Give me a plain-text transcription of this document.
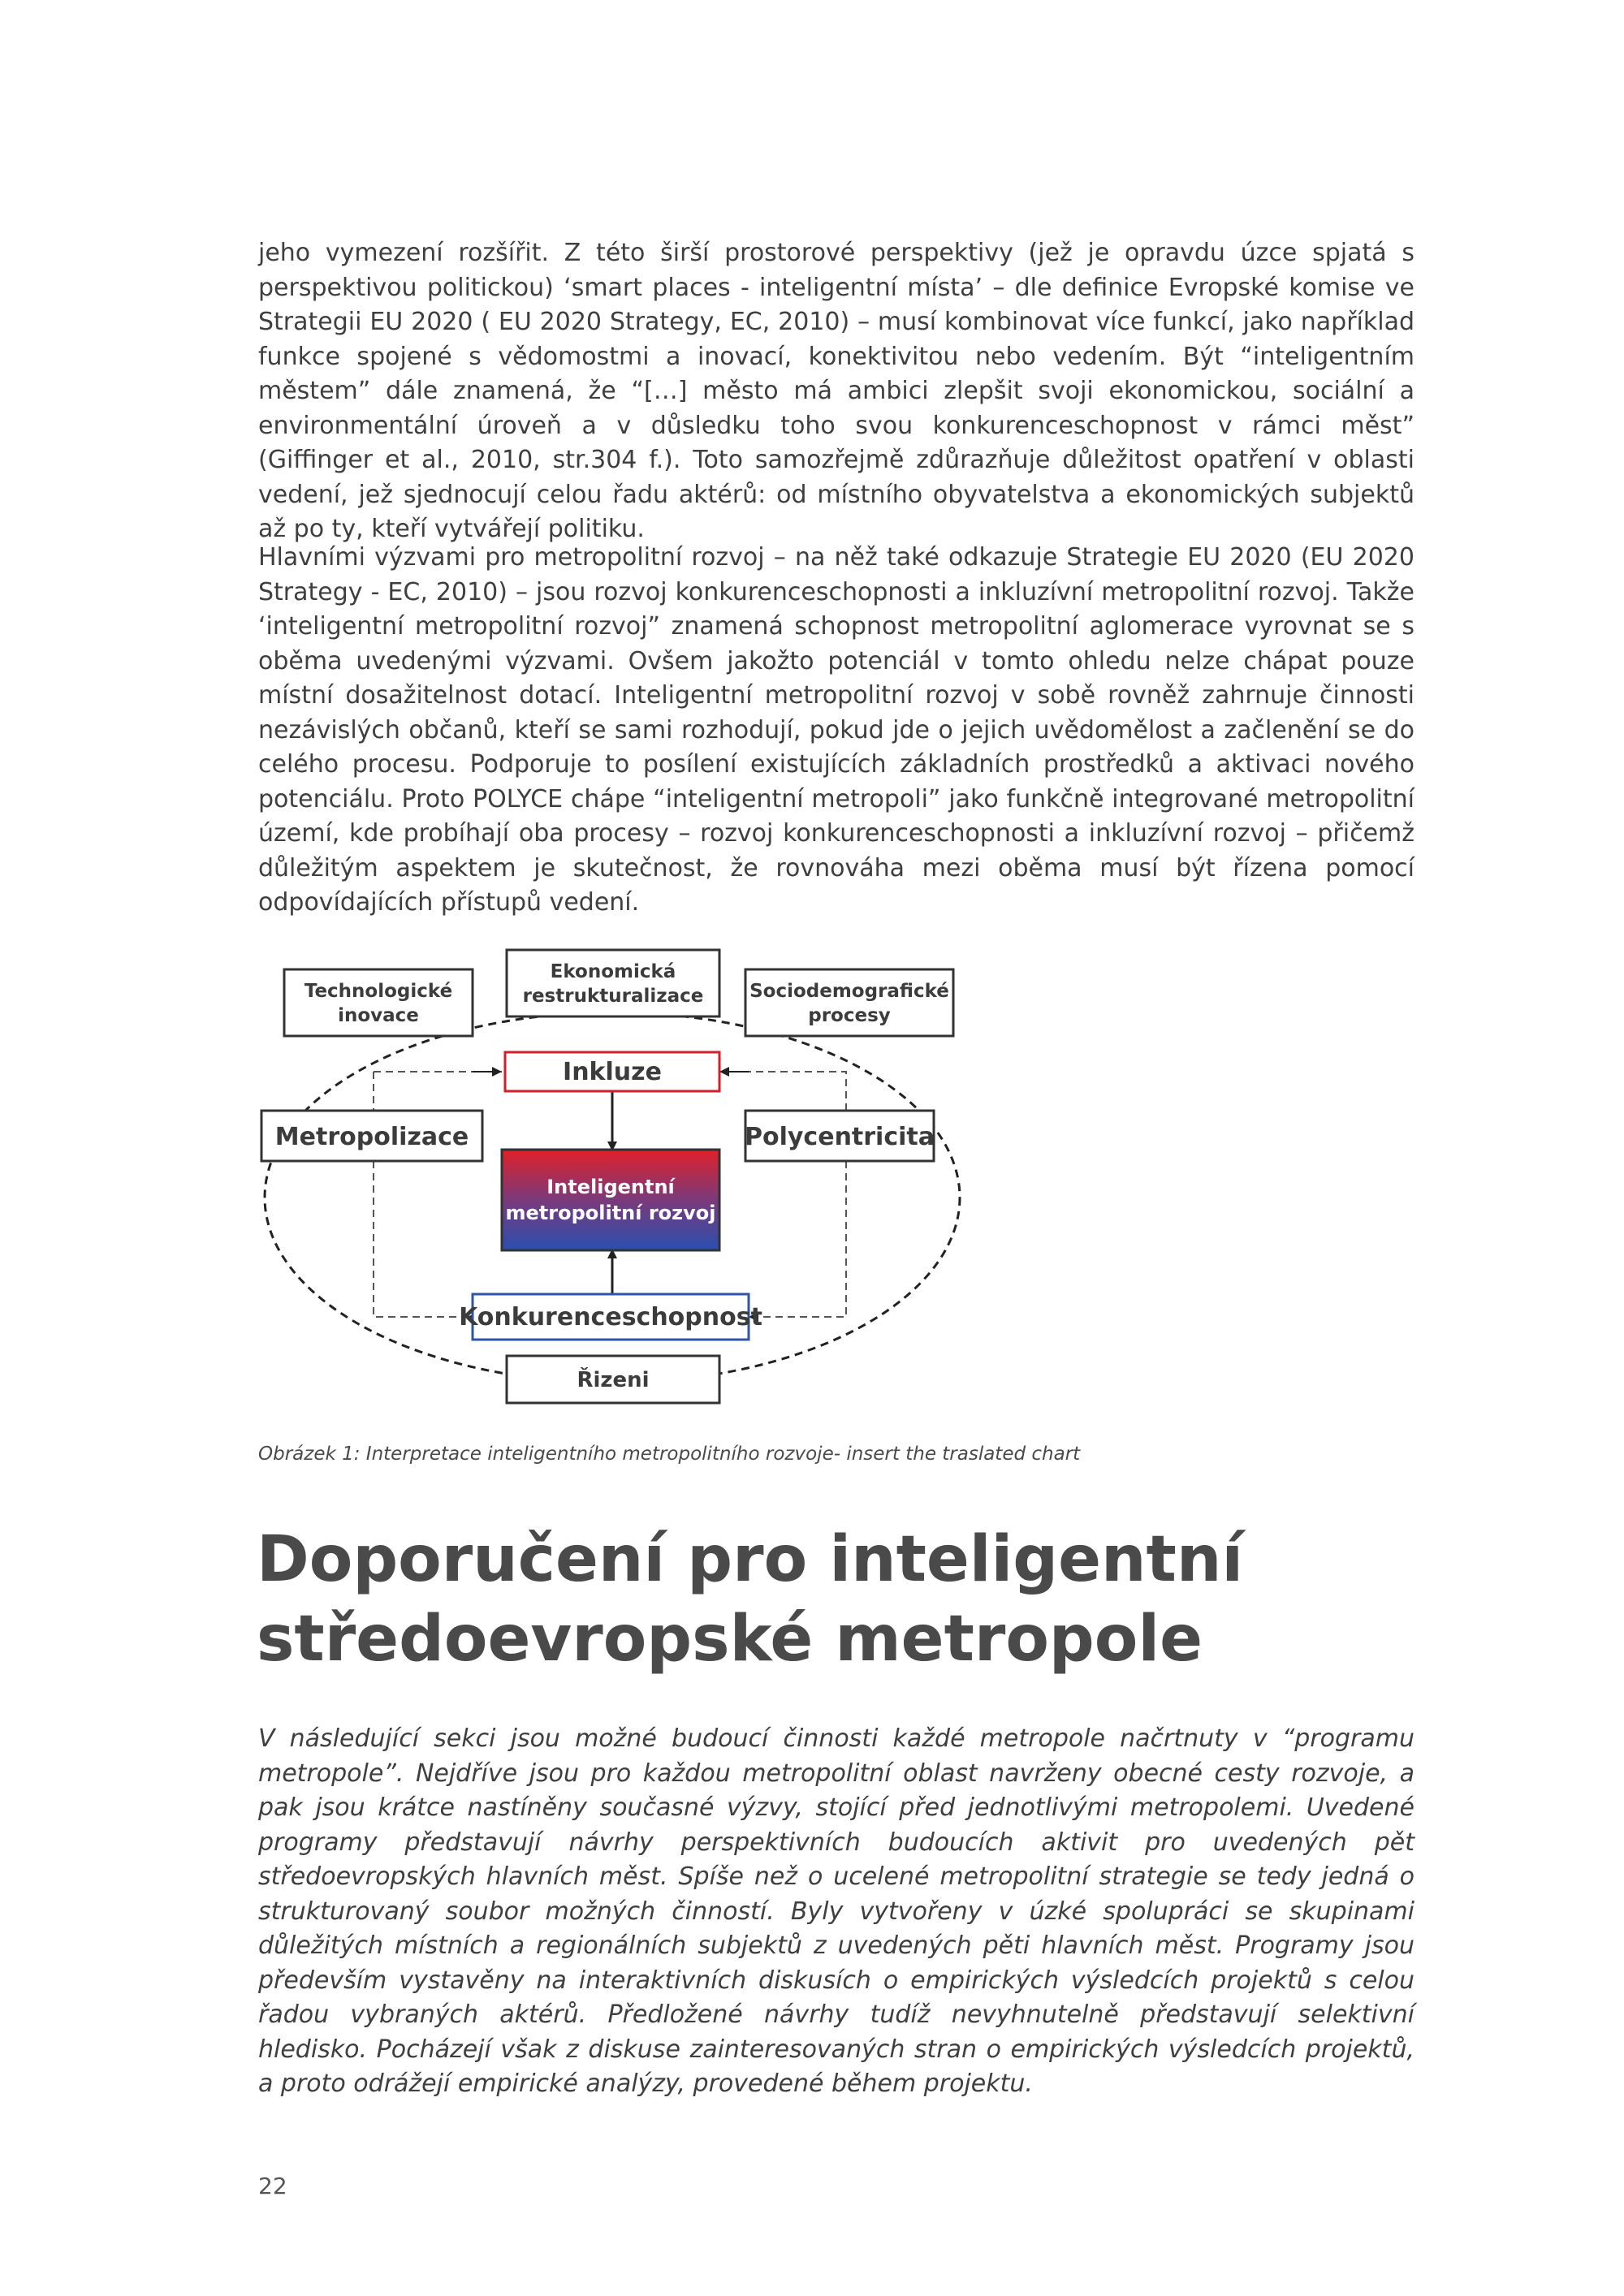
jeho vymezení rozšířit. Z této širší prostorové perspektivy (jež je opravdu úzce spjatá s perspektivou politickou) ‘smart places - inteligentní místa’ – dle definice Evropské komise ve Strategii EU 2020 ( EU 2020 Strategy, EC, 2010) – musí kombinovat více funkcí, jako například funkce spojené s vědomostmi a inovací, konektivitou nebo vedením. Být “inteligentním městem” dále znamená, že “[…] město má ambici zlepšit svoji ekonomickou, sociální a environmentální úroveň a v důsledku toho svou konkurenceschopnost v rámci měst” (Giffinger et al., 2010, str.304 f.). Toto samozřejmě zdůrazňuje důležitost opatření v oblasti vedení, jež sjednocují celou řadu aktérů: od místního obyvatelstva a ekonomických subjektů až po ty, kteří vytvářejí politiku.

Hlavními výzvami pro metropolitní rozvoj – na něž také odkazuje Strategie EU 2020 (EU 2020 Strategy - EC, 2010) – jsou rozvoj konkurenceschopnosti a inkluzívní metropolitní rozvoj. Takže ‘inteligentní metropolitní rozvoj” znamená schopnost metropolitní aglomerace vyrovnat se s oběma uvedenými výzvami. Ovšem jakožto potenciál v tomto ohledu nelze chápat pouze místní dosažitelnost dotací. Inteligentní metropolitní rozvoj v sobě rovněž zahrnuje činnosti nezávislých občanů, kteří se sami rozhodují, pokud jde o jejich uvědomělost a začlenění se do celého procesu. Podporuje to posílení existujících základních prostředků a aktivaci nového potenciálu. Proto POLYCE chápe “inteligentní metropoli” jako funkčně integrované metropolitní území, kde probíhají oba procesy – rozvoj konkurenceschopnosti a inkluzívní rozvoj – přičemž důležitým aspektem je skutečnost, že rovnováha mezi oběma musí být řízena pomocí odpovídajících přístupů vedení.

Technologické
inovace
Ekonomická
restrukturalizace Sociodemografické
procesy
Inkluze
Metropolizace
Inteligentní
metropolitní rozvoj
Polycentricita
Konkurenceschopnost
Řizeni

Obrázek 1: Interpretace inteligentního metropolitního rozvoje- insert the traslated chart

Doporučení pro inteligentní
středoevropské metropole

V následující sekci jsou možné budoucí činnosti každé metropole načrtnuty v “programu metropole”. Nejdříve jsou pro každou metropolitní oblast navrženy obecné cesty rozvoje, a pak jsou krátce nastíněny současné výzvy, stojící před jednotlivými metropolemi. Uvedené programy představují návrhy perspektivních budoucích aktivit pro uvedených pět středoevropských hlavních měst. Spíše než o ucelené metropolitní strategie se tedy jedná o strukturovaný soubor možných činností. Byly vytvořeny v úzké spolupráci se skupinami důležitých místních a regionálních subjektů z uvedených pěti hlavních měst. Programy jsou především vystavěny na interaktivních diskusích o empirických výsledcích projektů s celou řadou vybraných aktérů. Předložené návrhy tudíž nevyhnutelně představují selektivní hledisko. Pocházejí však z diskuse zainteresovaných stran o empirických výsledcích projektů, a proto odrážejí empirické analýzy, provedené během projektu.

22
